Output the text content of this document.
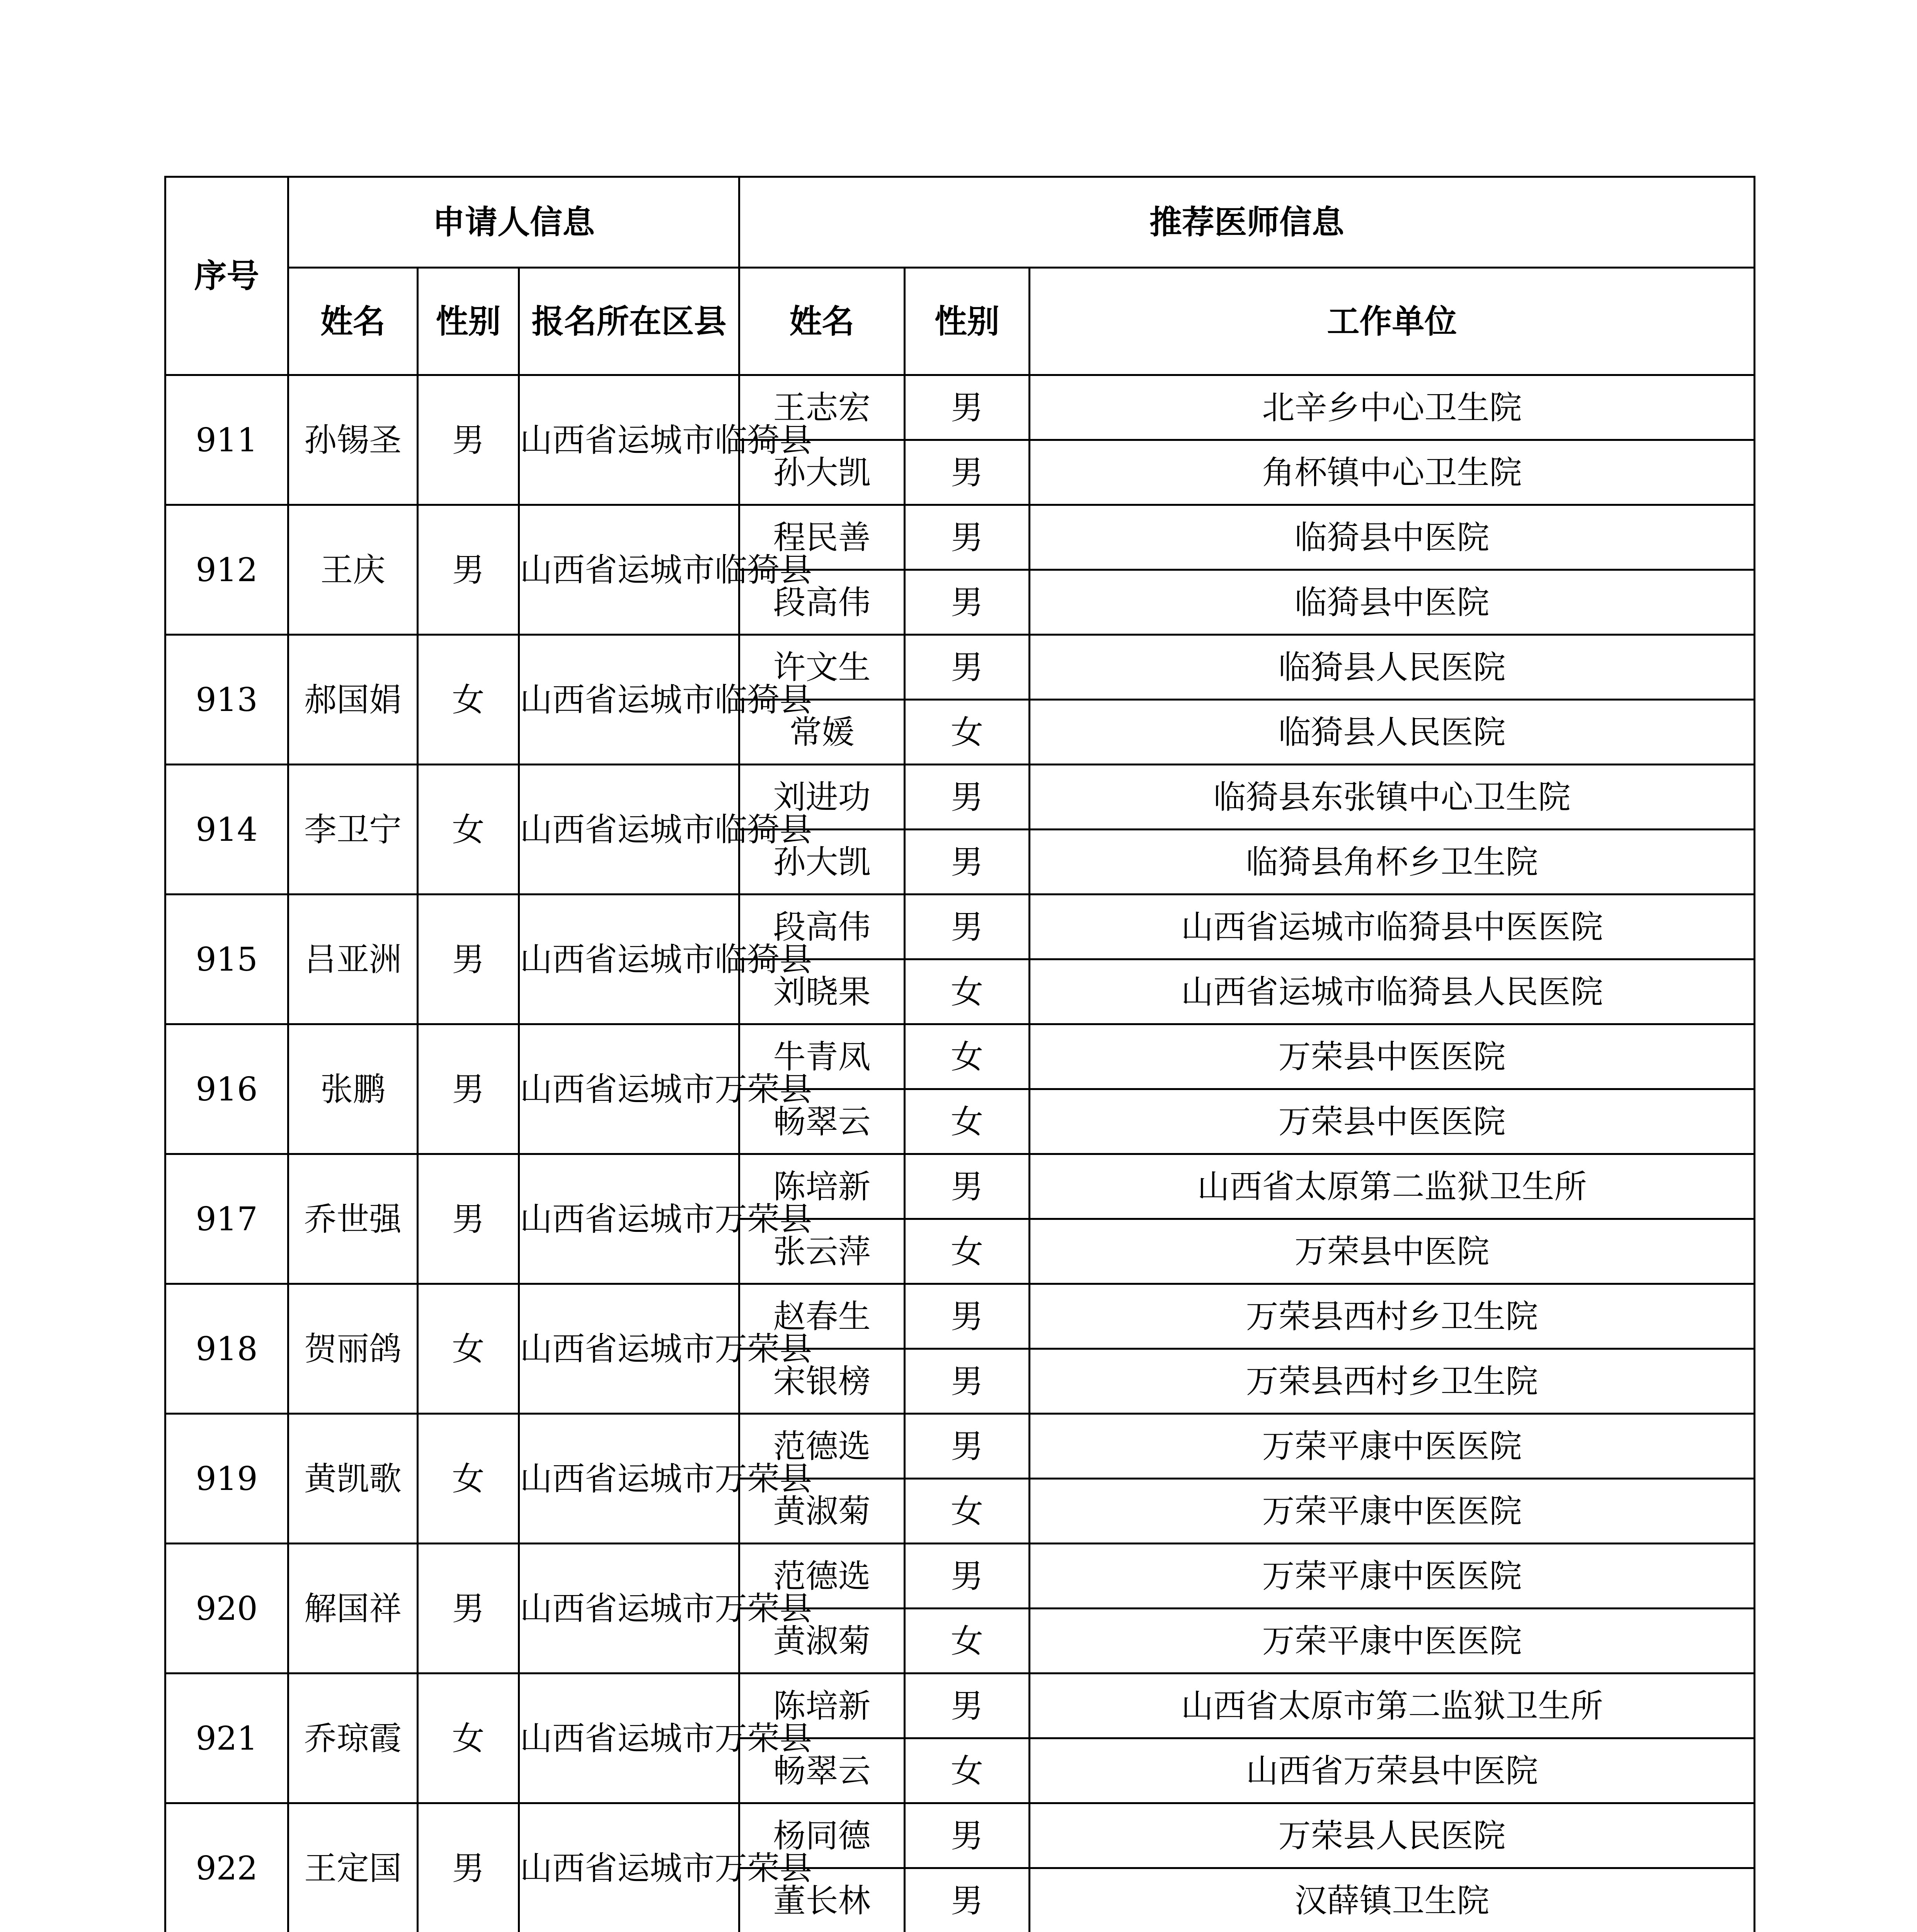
序号	申请人信息			推荐医师信息		
	姓名	性别	报名所在区县	姓名	性别	工作单位
911	孙锡圣	男	山西省运城市临猗县	王志宏	男	北辛乡中心卫生院
				孙大凯	男	角杯镇中心卫生院
912	王庆	男	山西省运城市临猗县	程民善	男	临猗县中医院
				段高伟	男	临猗县中医院
913	郝国娟	女	山西省运城市临猗县	许文生	男	临猗县人民医院
				常媛	女	临猗县人民医院
914	李卫宁	女	山西省运城市临猗县	刘进功	男	临猗县东张镇中心卫生院
				孙大凯	男	临猗县角杯乡卫生院
915	吕亚洲	男	山西省运城市临猗县	段高伟	男	山西省运城市临猗县中医医院
				刘晓果	女	山西省运城市临猗县人民医院
916	张鹏	男	山西省运城市万荣县	牛青凤	女	万荣县中医医院
				畅翠云	女	万荣县中医医院
917	乔世强	男	山西省运城市万荣县	陈培新	男	山西省太原第二监狱卫生所
				张云萍	女	万荣县中医院
918	贺丽鸽	女	山西省运城市万荣县	赵春生	男	万荣县西村乡卫生院
				宋银榜	男	万荣县西村乡卫生院
919	黄凯歌	女	山西省运城市万荣县	范德选	男	万荣平康中医医院
				黄淑菊	女	万荣平康中医医院
920	解国祥	男	山西省运城市万荣县	范德选	男	万荣平康中医医院
				黄淑菊	女	万荣平康中医医院
921	乔琼霞	女	山西省运城市万荣县	陈培新	男	山西省太原市第二监狱卫生所
				畅翠云	女	山西省万荣县中医院
922	王定国	男	山西省运城市万荣县	杨同德	男	万荣县人民医院
				董长林	男	汉薛镇卫生院
